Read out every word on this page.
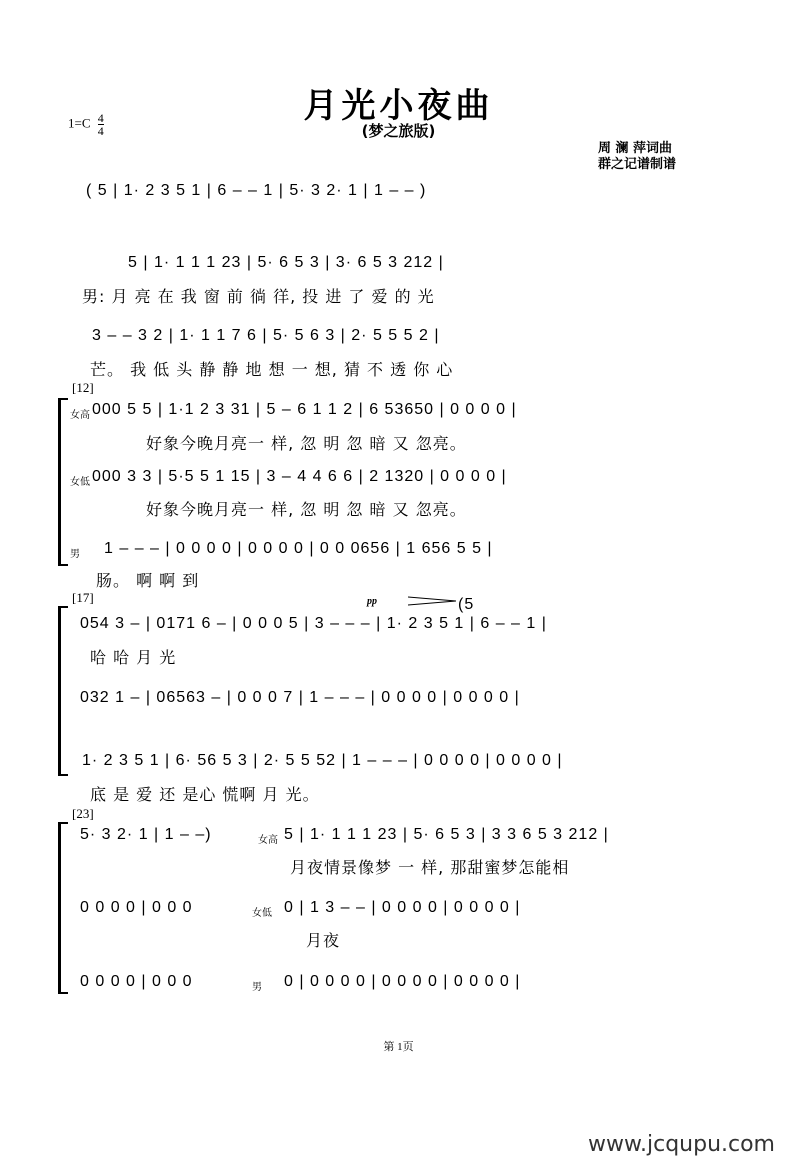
月光小夜曲
(梦之旅版)
$1=C \frac{4}{4}$
周 澜 萍词曲
群之记谱制谱
( 5 | 1· 2 3 5 1 | 6 – – 1 | 5· 3 2· 1 | 1 – – )
5 | 1· 1 1 1 23 | 5· 6 5 3 | 3· 6 5 3 212 |
男: 月 亮 在 我 窗 前 徜 徉, 投 进 了 爱 的 光
3 – – 3 2 | 1· 1 1 7 6 | 5· 5 6 3 | 2· 5 5 5 2 |
芒。 我 低 头 静 静 地 想 一 想, 猜 不 透 你 心
[12]
女高 000 5 5 | 1·1 2 3 31 | 5 – 6 1 1 2 | 6 53650 | 0 0 0 0 |
好象今晚月亮一 样, 忽 明 忽 暗 又 忽亮。
女低 000 3 3 | 5·5 5 1 15 | 3 – 4 4 6 6 | 2 1320 | 0 0 0 0 |
好象今晚月亮一 样, 忽 明 忽 暗 又 忽亮。
男 1 – – – | 0 0 0 0 | 0 0 0 0 | 0 0 0656 | 1 656 5 5 |
肠。 啊 啊 到
[17]	pp	(5
054 3 – | 0171 6 – | 0 0 0 5 | 3 – – – | 1· 2 3 5 1 | 6 – – 1 |
哈 哈 月 光
032 1 – | 06563 – | 0 0 0 7 | 1 – – – | 0 0 0 0 | 0 0 0 0 |
1· 2 3 5 1 | 6· 56 5 3 | 2· 5 5 52 | 1 – – – | 0 0 0 0 | 0 0 0 0 |
底 是 爱 还 是心 慌啊 月 光。
[23]
5· 3 2· 1 | 1 – –)	女高 5 | 1· 1 1 1 23 | 5· 6 5 3 | 3 3 6 5 3 212 |
月夜情景像梦 一 样, 那甜蜜梦怎能相
0 0 0 0 | 0 0 0	女低 0 | 1 3 – – | 0 0 0 0 | 0 0 0 0 |
月夜
0 0 0 0 | 0 0 0	男 0 | 0 0 0 0 | 0 0 0 0 | 0 0 0 0 |
第 1页
www.jcqupu.com
